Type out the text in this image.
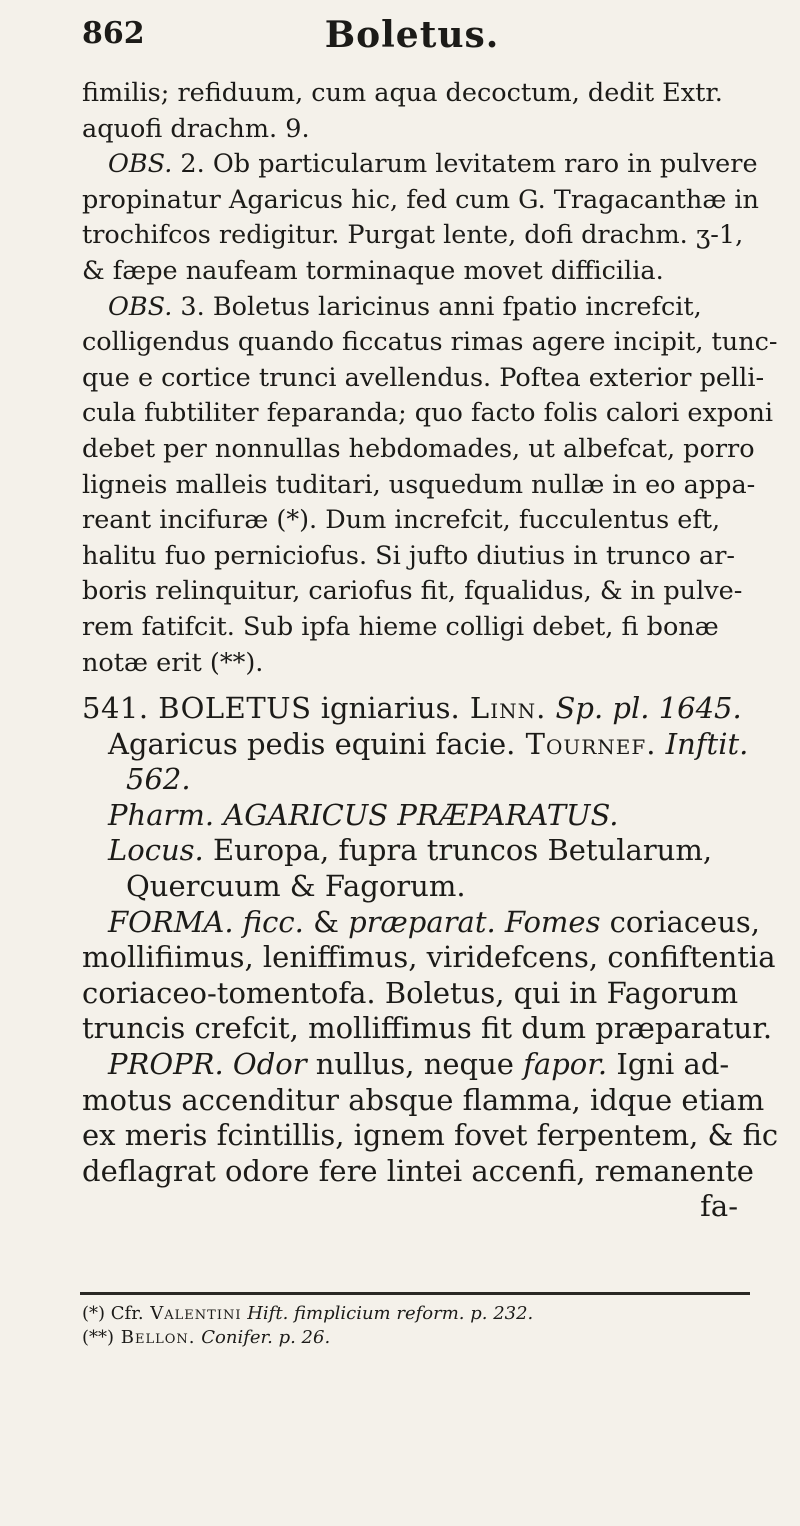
862	Boletus.
fimilis; refiduum, cum aqua decoctum, dedit Extr.
aquofi drachm. 9.
OBS. 2. Ob particularum levitatem raro in pulvere
propinatur Agaricus hic, fed cum G. Tragacanthæ in
trochifcos redigitur. Purgat lente, dofi drachm. ʒ-1,
& fæpe naufeam torminaque movet difficilia.
OBS. 3. Boletus laricinus anni fpatio increfcit,
colligendus quando ficcatus rimas agere incipit, tunc-
que e cortice trunci avellendus. Poftea exterior pelli-
cula fubtiliter feparanda; quo facto folis calori exponi
debet per nonnullas hebdomades, ut albefcat, porro
ligneis malleis tuditari, usquedum nullæ in eo appa-
reant incifuræ (*). Dum increfcit, fucculentus eft,
halitu fuo perniciofus. Si jufto diutius in trunco ar-
boris relinquitur, cariofus fit, fqualidus, & in pulve-
rem fatifcit. Sub ipfa hieme colligi debet, fi bonæ
notæ erit (**).
541. BOLETUS igniarius. Linn. Sp. pl. 1645.
Agaricus pedis equini facie. Tournef. Inftit.
562.
Pharm. AGARICUS PRÆPARATUS.
Locus. Europa, fupra truncos Betularum,
Quercuum & Fagorum.
FORMA. ficc. & præparat. Fomes coriaceus,
mollifiimus, leniffimus, viridefcens, confiftentia
coriaceo-tomentofa. Boletus, qui in Fagorum
truncis crefcit, molliffimus fit dum præparatur.
PROPR. Odor nullus, neque fapor. Igni ad-
motus accenditur absque flamma, idque etiam
ex meris fcintillis, ignem fovet ferpentem, & fic
deflagrat odore fere lintei accenfi, remanente
fa-
(*) Cfr. Valentini Hift. fimplicium reform. p. 232.
(**) Bellon. Conifer. p. 26.
